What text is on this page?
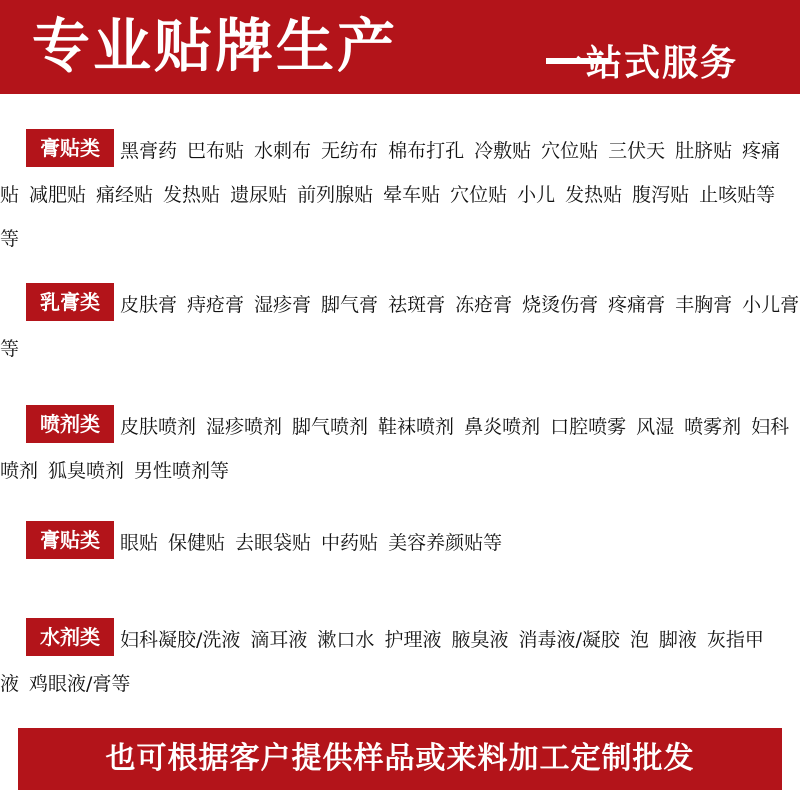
专业贴牌生产	一站式服务
膏贴类	黑膏药 巴布贴 水刺布 无纺布 棉布打孔 冷敷贴 穴位贴 三伏天 肚脐贴 疼痛贴 减肥贴 痛经贴 发热贴 遗尿贴 前列腺贴 晕车贴 穴位贴 小儿 发热贴 腹泻贴 止咳贴等等
乳膏类	皮肤膏 痔疮膏 湿疹膏 脚气膏 祛斑膏 冻疮膏 烧烫伤膏 疼痛膏 丰胸膏 小儿膏等
喷剂类	皮肤喷剂 湿疹喷剂 脚气喷剂 鞋袜喷剂 鼻炎喷剂 口腔喷雾 风湿 喷雾剂 妇科喷剂 狐臭喷剂 男性喷剂等
膏贴类	眼贴 保健贴 去眼袋贴 中药贴 美容养颜贴等
水剂类	妇科凝胶/洗液 滴耳液 漱口水 护理液 腋臭液 消毒液/凝胶 泡 脚液 灰指甲液 鸡眼液/膏等
也可根据客户提供样品或来料加工定制批发
